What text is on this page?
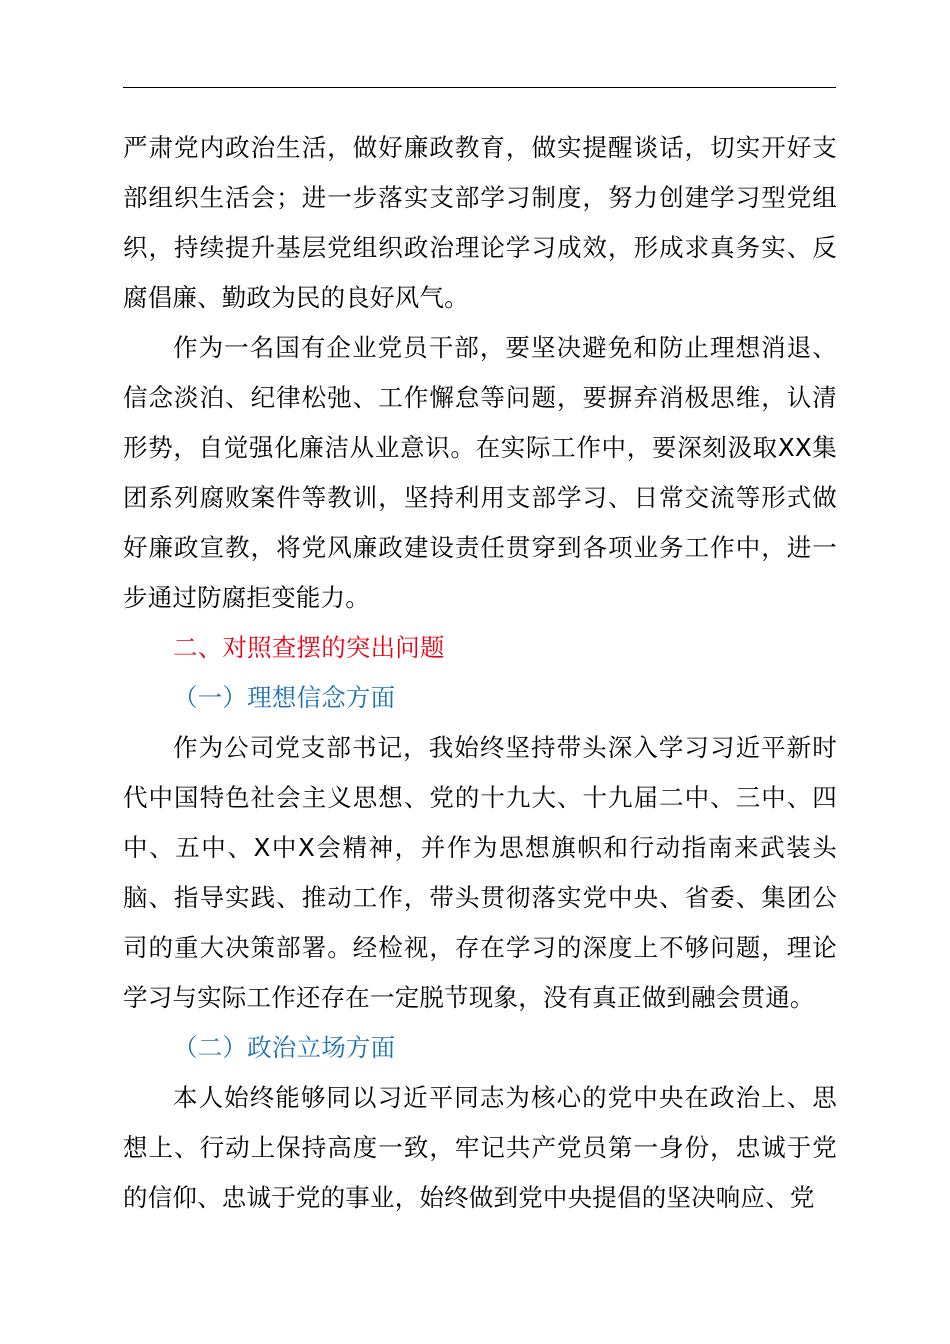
严肃党内政治生活，做好廉政教育，做实提醒谈话，切实开好支部组织生活会；进一步落实支部学习制度，努力创建学习型党组织，持续提升基层党组织政治理论学习成效，形成求真务实、反腐倡廉、勤政为民的良好风气。

作为一名国有企业党员干部，要坚决避免和防止理想消退、信念淡泊、纪律松弛、工作懈怠等问题，要摒弃消极思维，认清形势，自觉强化廉洁从业意识。在实际工作中，要深刻汲取XX集团系列腐败案件等教训，坚持利用支部学习、日常交流等形式做好廉政宣教，将党风廉政建设责任贯穿到各项业务工作中，进一步通过防腐拒变能力。

二、对照查摆的突出问题

（一）理想信念方面

作为公司党支部书记，我始终坚持带头深入学习习近平新时代中国特色社会主义思想、党的十九大、十九届二中、三中、四中、五中、X中X会精神，并作为思想旗帜和行动指南来武装头脑、指导实践、推动工作，带头贯彻落实党中央、省委、集团公司的重大决策部署。经检视，存在学习的深度上不够问题，理论学习与实际工作还存在一定脱节现象，没有真正做到融会贯通。

（二）政治立场方面

本人始终能够同以习近平同志为核心的党中央在政治上、思想上、行动上保持高度一致，牢记共产党员第一身份，忠诚于党的信仰、忠诚于党的事业，始终做到党中央提倡的坚决响应、党
